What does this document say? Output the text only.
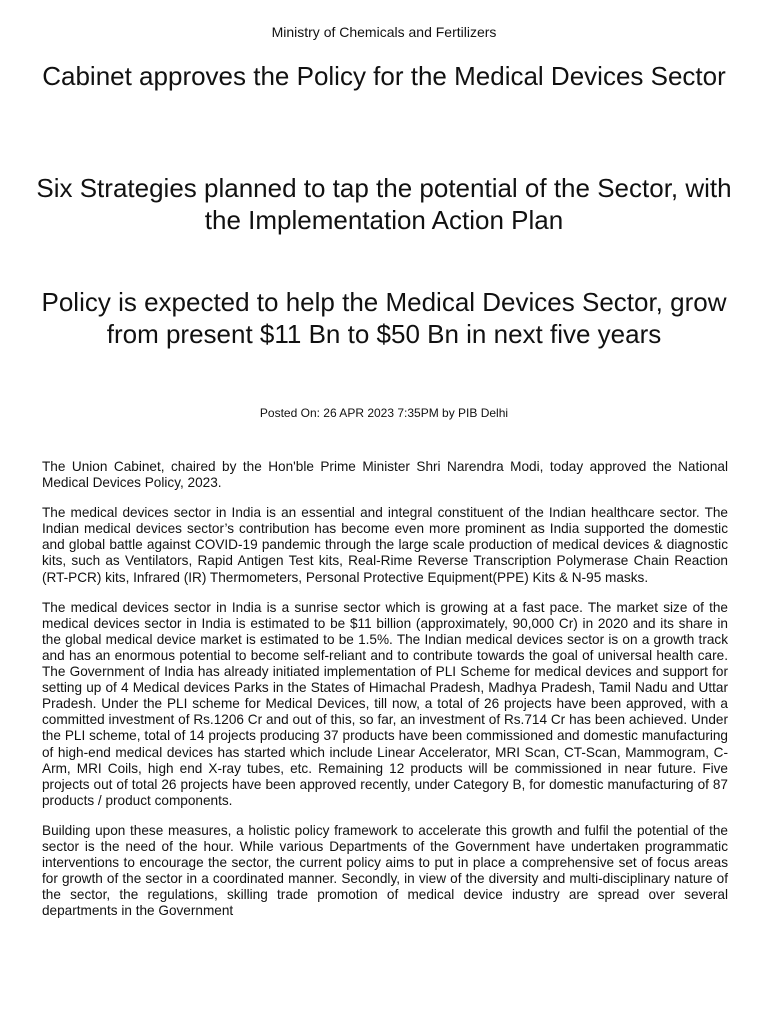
Ministry of Chemicals and Fertilizers
Cabinet approves the Policy for the Medical Devices Sector
Six Strategies planned to tap the potential of the Sector, with the Implementation Action Plan
Policy is expected to help the Medical Devices Sector, grow from present $11 Bn to $50 Bn in next five years
Posted On: 26 APR 2023 7:35PM by PIB Delhi

The Union Cabinet, chaired by the Hon'ble Prime Minister Shri Narendra Modi, today approved the National Medical Devices Policy, 2023.

The medical devices sector in India is an essential and integral constituent of the Indian healthcare sector. The Indian medical devices sector’s contribution has become even more prominent as India supported the domestic and global battle against COVID-19 pandemic through the large scale production of medical devices & diagnostic kits, such as Ventilators, Rapid Antigen Test kits, Real-Rime Reverse Transcription Polymerase Chain Reaction (RT-PCR) kits, Infrared (IR) Thermometers, Personal Protective Equipment(PPE) Kits & N-95 masks.

The medical devices sector in India is a sunrise sector which is growing at a fast pace. The market size of the medical devices sector in India is estimated to be $11 billion (approximately, 90,000 Cr) in 2020 and its share in the global medical device market is estimated to be 1.5%. The Indian medical devices sector is on a growth track and has an enormous potential to become self-reliant and to contribute towards the goal of universal health care. The Government of India has already initiated implementation of PLI Scheme for medical devices and support for setting up of 4 Medical devices Parks in the States of Himachal Pradesh, Madhya Pradesh, Tamil Nadu and Uttar Pradesh. Under the PLI scheme for Medical Devices, till now, a total of 26 projects have been approved, with a committed investment of Rs.1206 Cr and out of this, so far, an investment of Rs.714 Cr has been achieved. Under the PLI scheme, total of 14 projects producing 37 products have been commissioned and domestic manufacturing of high-end medical devices has started which include Linear Accelerator, MRI Scan, CT-Scan, Mammogram, C-Arm, MRI Coils, high end X-ray tubes, etc. Remaining 12 products will be commissioned in near future. Five projects out of total 26 projects have been approved recently, under Category B, for domestic manufacturing of 87 products / product components.

Building upon these measures, a holistic policy framework to accelerate this growth and fulfil the potential of the sector is the need of the hour. While various Departments of the Government have undertaken programmatic interventions to encourage the sector, the current policy aims to put in place a comprehensive set of focus areas for growth of the sector in a coordinated manner. Secondly, in view of the diversity and multi-disciplinary nature of the sector, the regulations, skilling trade promotion of medical device industry are spread over several departments in the Government
